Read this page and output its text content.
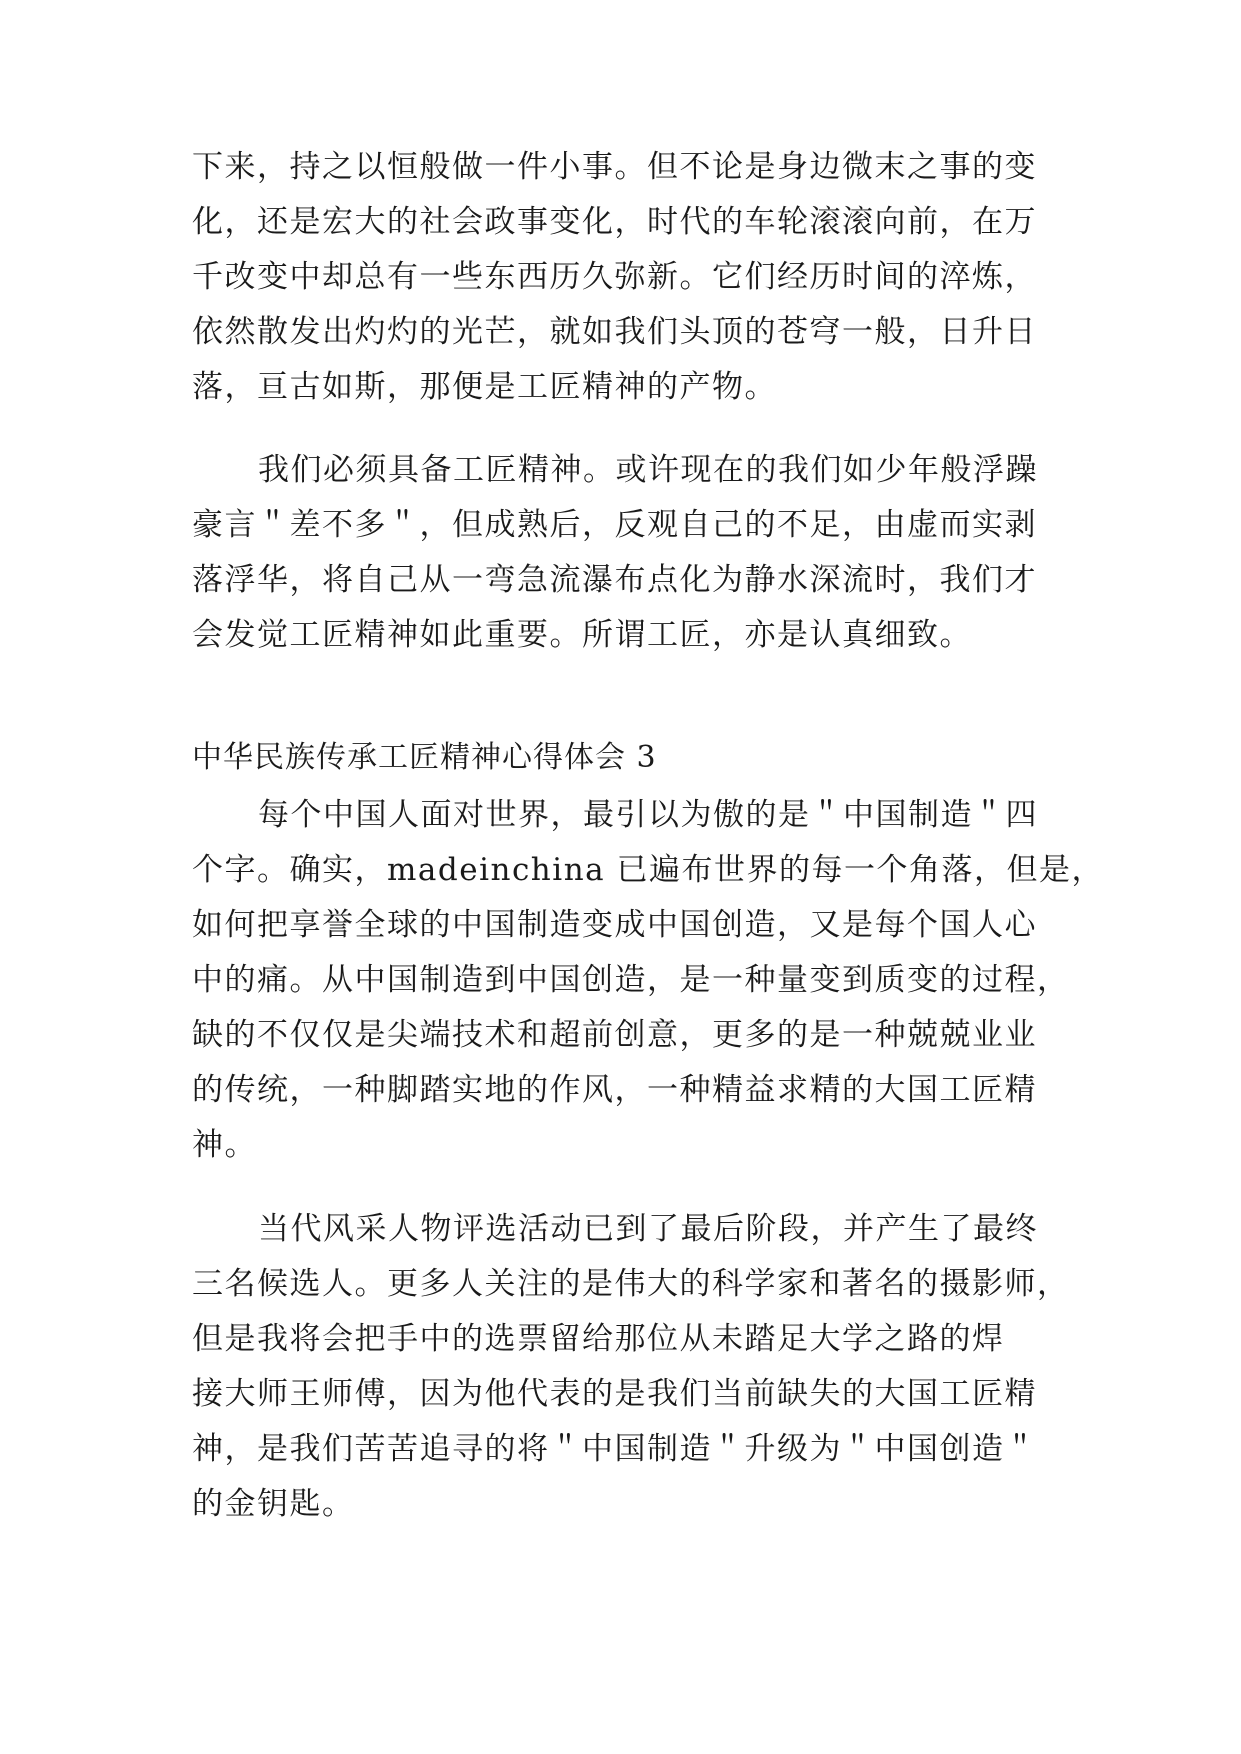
下来，持之以恒般做一件小事。但不论是身边微末之事的变
化，还是宏大的社会政事变化，时代的车轮滚滚向前，在万
千改变中却总有一些东西历久弥新。它们经历时间的淬炼，
依然散发出灼灼的光芒，就如我们头顶的苍穹一般，日升日
落，亘古如斯，那便是工匠精神的产物。
我们必须具备工匠精神。或许现在的我们如少年般浮躁
豪言＂差不多＂，但成熟后，反观自己的不足，由虚而实剥
落浮华，将自己从一弯急流瀑布点化为静水深流时，我们才
会发觉工匠精神如此重要。所谓工匠，亦是认真细致。
中华民族传承工匠精神心得体会 3
每个中国人面对世界，最引以为傲的是＂中国制造＂四
个字。确实，madeinchina 已遍布世界的每一个角落，但是，
如何把享誉全球的中国制造变成中国创造，又是每个国人心
中的痛。从中国制造到中国创造，是一种量变到质变的过程，
缺的不仅仅是尖端技术和超前创意，更多的是一种兢兢业业
的传统，一种脚踏实地的作风，一种精益求精的大国工匠精
神。
当代风采人物评选活动已到了最后阶段，并产生了最终
三名候选人。更多人关注的是伟大的科学家和著名的摄影师，
但是我将会把手中的选票留给那位从未踏足大学之路的焊
接大师王师傅，因为他代表的是我们当前缺失的大国工匠精
神，是我们苦苦追寻的将＂中国制造＂升级为＂中国创造＂
的金钥匙。
